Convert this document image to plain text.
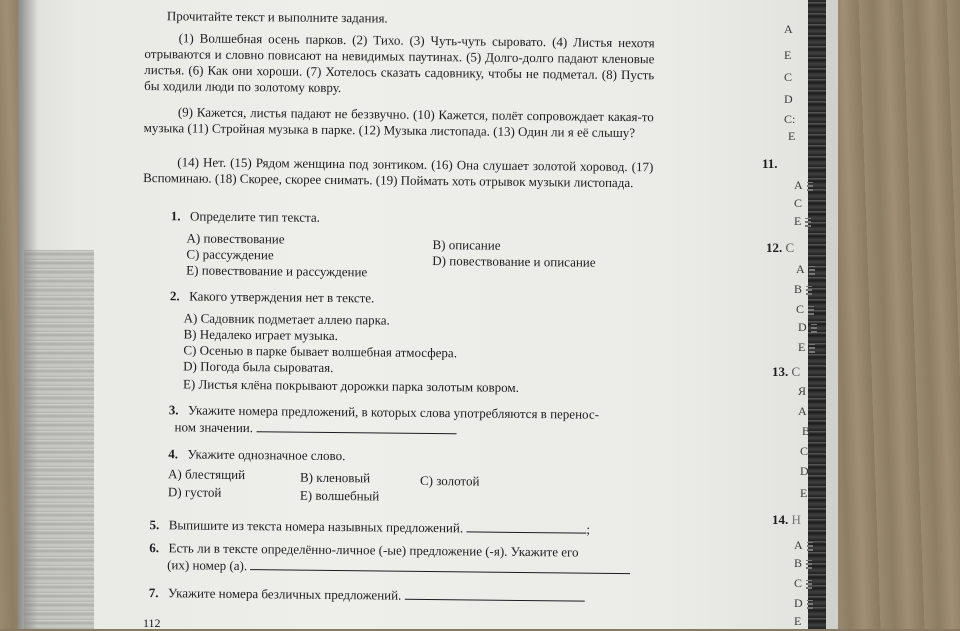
Прочитайте текст и выполните задания.
(1) Волшебная осень парков. (2) Тихо. (3) Чуть-чуть сыровато. (4) Листья нехотя отрываются и словно повисают на невидимых паутинах. (5) Долго-долго падают кленовые листья. (6) Как они хороши. (7) Хотелось сказать садовнику, чтобы не подметал. (8) Пусть бы ходили люди по золотому ковру.
(9) Кажется, листья падают не беззвучно. (10) Кажется, полёт сопровождает какая-то музыка (11) Стройная музыка в парке. (12) Музыка листопада. (13) Один ли я её слышу?
(14) Нет. (15) Рядом женщина под зонтиком. (16) Она слушает золотой хоровод. (17) Вспоминаю. (18) Скорее, скорее снимать. (19) Поймать хоть отрывок музыки листопада.
1. Определите тип текста.
A) повествование	B) описание
C) рассуждение	D) повествование и описание
E) повествование и рассуждение
2. Какого утверждения нет в тексте.
A) Садовник подметает аллею парка.
B) Недалеко играет музыка.
C) Осенью в парке бывает волшебная атмосфера.
D) Погода была сыроватая.
E) Листья клёна покрывают дорожки парка золотым ковром.
3. Укажите номера предложений, в которых слова употребляются в перенос-
ном значении.
4. Укажите однозначное слово.
A) блестящий	B) кленовый	C) золотой
D) густой	E) волшебный
5. Выпишите из текста номера назывных предложений.	;
6. Есть ли в тексте определённо-личное (-ые) предложение (-я). Укажите его
(их) номер (а).
7. Укажите номера безличных предложений.
112
A
E
C
D
C:
E
11.
A
C
E
12. C
A
B
C
D
E
13. C
Я
A
B
C
D
E
14. Н
A
B
C
D
E
